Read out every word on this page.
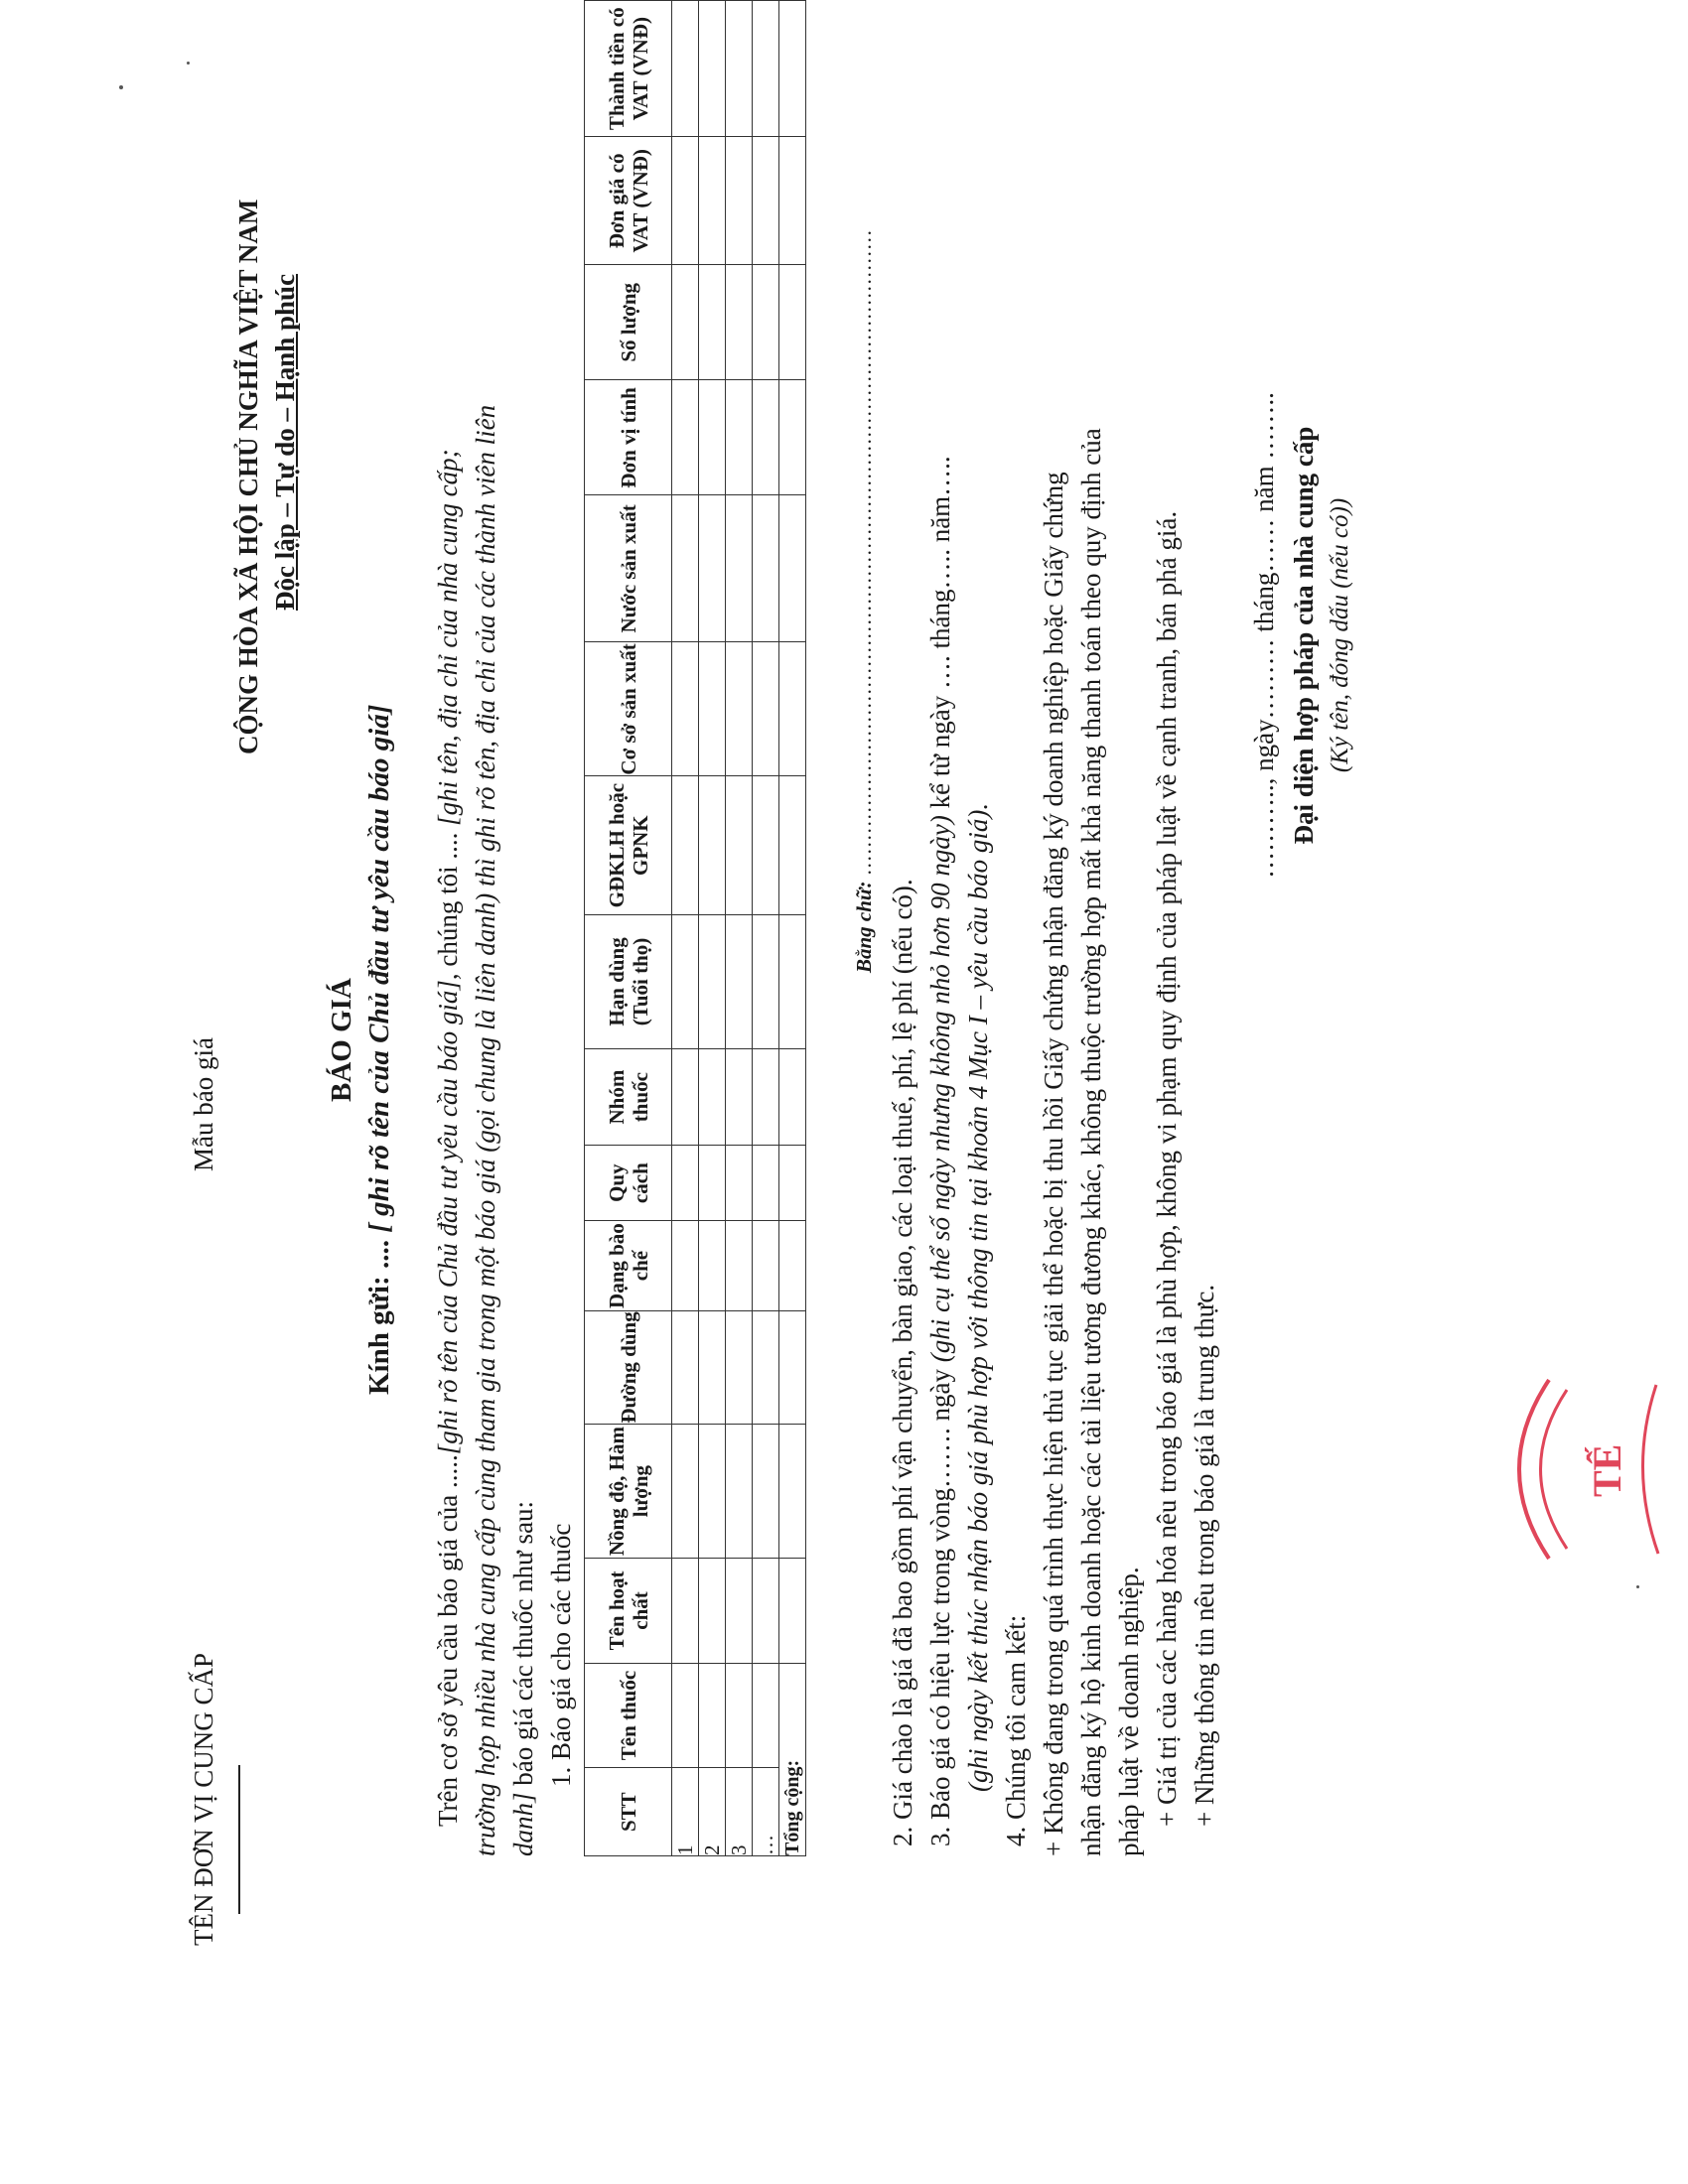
TÊN ĐƠN VỊ CUNG CẤP
Mẫu báo giá
CỘNG HÒA XÃ HỘI CHỦ NGHĨA VIỆT NAM Độc lập – Tự do – Hạnh phúc
BÁO GIÁ
Kính gửi: .... [ ghi rõ tên của Chủ đầu tư yêu cầu báo giá]
Trên cơ sở yêu cầu báo giá của .....[ghi rõ tên của Chủ đầu tư yêu cầu báo giá], chúng tôi .... [ghi tên, địa chỉ của nhà cung cấp; trường hợp nhiều nhà cung cấp cùng tham gia trong một báo giá (gọi chung là liên danh) thì ghi rõ tên, địa chỉ của các thành viên liên danh] báo giá các thuốc như sau: 1. Báo giá cho các thuốc
STT	Tên thuốc	Tên hoạt chất	Nồng độ, Hàm lượng	Đường dùng	Dạng bào chế	Quy cách	Nhóm thuốc	Hạn dùng (Tuổi thọ)	GĐKLH hoặc GPNK	Cơ sở sản xuất	Nước sản xuất	Đơn vị tính	Số lượng	Đơn giá có VAT (VNĐ)	Thành tiền có VAT (VNĐ)
1															
2															
3															
…															
Tổng cộng:															
Bằng chữ: …………………………………………………………………………………
2. Giá chào là giá đã bao gồm phí vận chuyển, bàn giao, các loại thuế, phí, lệ phí (nếu có). 3. Báo giá có hiệu lực trong vòng……. ngày (ghi cụ thể số ngày nhưng không nhỏ hơn 90 ngày) kể từ ngày …. tháng….. năm…..
(ghi ngày kết thúc nhận báo giá phù hợp với thông tin tại khoản 4 Mục I – yêu cầu báo giá). 4. Chúng tôi cam kết: + Không đang trong quá trình thực hiện thủ tục giải thể hoặc bị thu hồi Giấy chứng nhận đăng ký doanh nghiệp hoặc Giấy chứng nhận đăng ký hộ kinh doanh hoặc các tài liệu tương đương khác, không thuộc trường hợp mất khả năng thanh toán theo quy định của pháp luật về doanh nghiệp. + Giá trị của các hàng hóa nêu trong báo giá là phù hợp, không vi phạm quy định của pháp luật về cạnh tranh, bán phá giá. + Những thông tin nêu trong báo giá là trung thực.
……….., ngày……… tháng…… năm …….. Đại diện hợp pháp của nhà cung cấp (Ký tên, đóng dấu (nếu có))
TẾ
